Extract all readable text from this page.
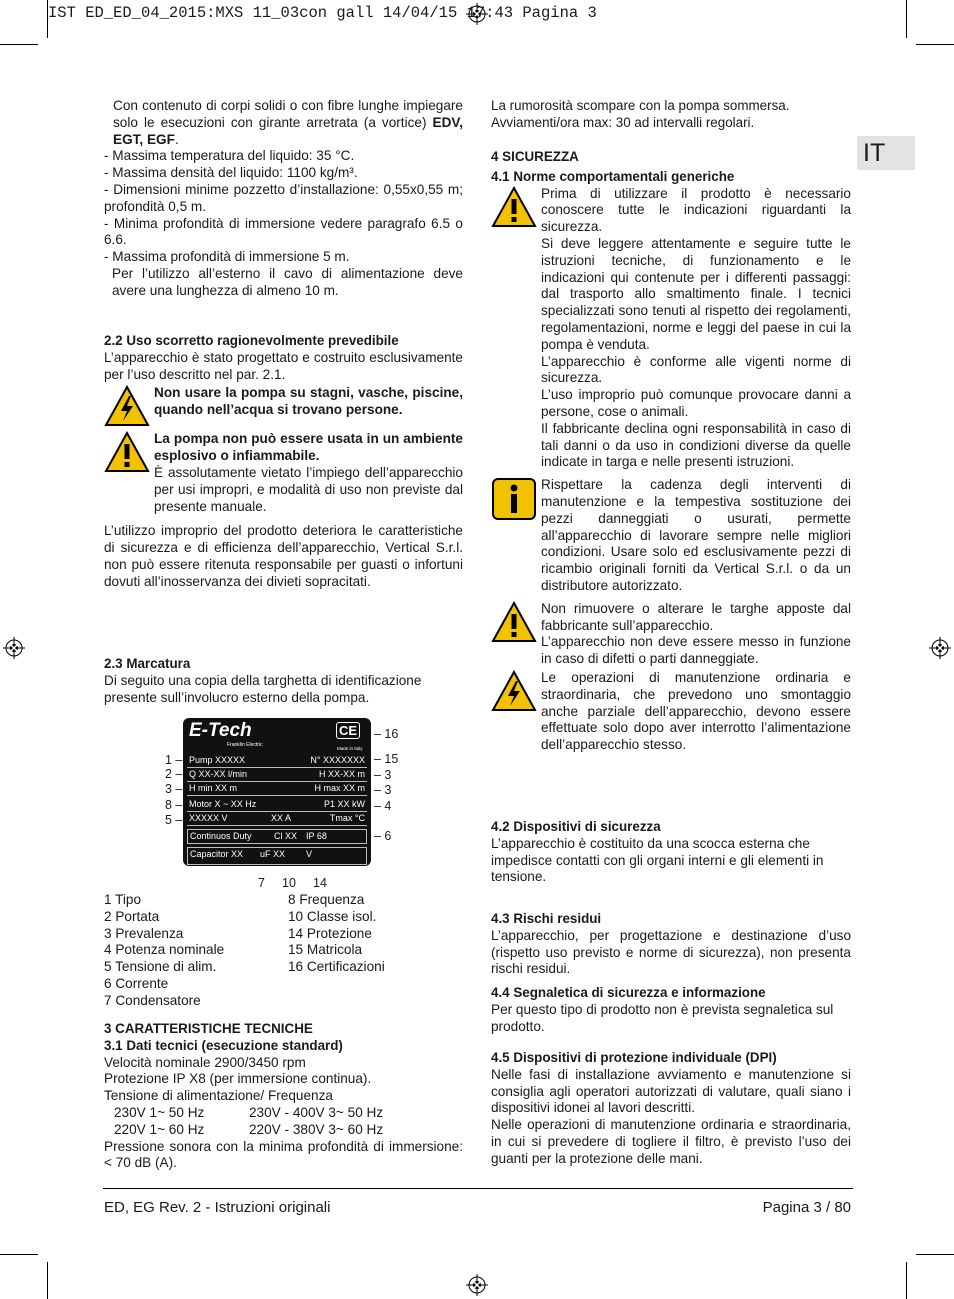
IST ED_ED_04_2015:MXS 11_03con gall 14/04/15 17:43 Pagina 3
IT

Con contenuto di corpi solidi o con fibre lunghe impiegare solo le esecuzioni con girante arretrata (a vortice) EDV, EGT, EGF.

- Massima temperatura del liquido: 35 °C.

- Massima densità del liquido: 1100 kg/m³.

- Dimensioni minime pozzetto d’installazione: 0,55x0,55 m; profondità 0,5 m.

- Minima profondità di immersione vedere paragrafo 6.5 o 6.6.

- Massima profondità di immersione 5 m.

Per l’utilizzo all’esterno il cavo di alimentazione deve avere una lunghezza di almeno 10 m.

2.2 Uso scorretto ragionevolmente prevedibile

L’apparecchio è stato progettato e costruito esclusivamente per l’uso descritto nel par. 2.1.

Non usare la pompa su stagni, vasche, piscine, quando nell’acqua si trovano persone.

La pompa non può essere usata in un ambiente esplosivo o infiammabile.

È assolutamente vietato l’impiego dell’apparecchio per usi impropri, e modalità di uso non previste dal presente manuale.

L’utilizzo improprio del prodotto deteriora le caratteristiche di sicurezza e di efficienza dell’apparecchio, Vertical S.r.l. non può essere ritenuta responsabile per guasti o infortuni dovuti all’inosservanza dei divieti sopracitati.

2.3 Marcatura

Di seguito una copia della targhetta di identificazione presente sull’involucro esterno della pompa.

E-Tech
Franklin Electric
CE
Made in Italy
Pump XXXXX	N° XXXXXXX
Q XX-XX l/min	H XX-XX m
H min XX m	H max XX m
Motor X ~ XX Hz	P1 XX kW
XXXXX V	XX A	Tmax °C
Continuos Duty Cl XX IP 68
Capacitor XX uF XX V
1 –
2 –
3 –
8 –
5 –
– 16
– 15
– 3
– 3
– 4
– 6
7 10 14

1 Tipo

2 Portata

3 Prevalenza

4 Potenza nominale

5 Tensione di alim.

6 Corrente

7 Condensatore

8 Frequenza

10 Classe isol.

14 Protezione

15 Matricola

16 Certificazioni

3 CARATTERISTICHE TECNICHE

3.1 Dati tecnici (esecuzione standard)

Velocità nominale 2900/3450 rpm

Protezione IP X8 (per immersione continua).

Tensione di alimentazione/ Frequenza

230V 1~ 50 Hz	230V - 400V 3~ 50 Hz

220V 1~ 60 Hz	220V - 380V 3~ 60 Hz

Pressione sonora con la minima profondità di immersione: < 70 dB (A).

La rumorosità scompare con la pompa sommersa.

Avviamenti/ora max: 30 ad intervalli regolari.

4 SICUREZZA

4.1 Norme comportamentali generiche

Prima di utilizzare il prodotto è necessario conoscere tutte le indicazioni riguardanti la sicurezza.

Si deve leggere attentamente e seguire tutte le istruzioni tecniche, di funzionamento e le indicazioni qui contenute per i differenti passaggi: dal trasporto allo smaltimento finale. I tecnici specializzati sono tenuti al rispetto dei regolamenti, regolamentazioni, norme e leggi del paese in cui la pompa è venduta.

L’apparecchio è conforme alle vigenti norme di sicurezza.

L’uso improprio può comunque provocare danni a persone, cose o animali.

Il fabbricante declina ogni responsabilità in caso di tali danni o da uso in condizioni diverse da quelle indicate in targa e nelle presenti istruzioni.

Rispettare la cadenza degli interventi di manutenzione e la tempestiva sostituzione dei pezzi danneggiati o usurati, permette all’apparecchio di lavorare sempre nelle migliori condizioni. Usare solo ed esclusivamente pezzi di ricambio originali forniti da Vertical S.r.l. o da un distributore autorizzato.

Non rimuovere o alterare le targhe apposte dal fabbricante sull’apparecchio.

L’apparecchio non deve essere messo in funzione in caso di difetti o parti danneggiate.

Le operazioni di manutenzione ordinaria e straordinaria, che prevedono uno smontaggio anche parziale dell’apparecchio, devono essere effettuate solo dopo aver interrotto l’alimentazione dell’apparecchio stesso.

4.2 Dispositivi di sicurezza

L’apparecchio è costituito da una scocca esterna che impedisce contatti con gli organi interni e gli elementi in tensione.

4.3 Rischi residui

L’apparecchio, per progettazione e destinazione d’uso (rispetto uso previsto e norme di sicurezza), non presenta rischi residui.

4.4 Segnaletica di sicurezza e informazione

Per questo tipo di prodotto non è prevista segnaletica sul prodotto.

4.5 Dispositivi di protezione individuale (DPI)

Nelle fasi di installazione avviamento e manutenzione si consiglia agli operatori autorizzati di valutare, quali siano i dispositivi idonei al lavori descritti.

Nelle operazioni di manutenzione ordinaria e straordinaria, in cui si prevedere di togliere il filtro, è previsto l’uso dei guanti per la protezione delle mani.

ED, EG Rev. 2 - Istruzioni originali	Pagina 3 / 80
